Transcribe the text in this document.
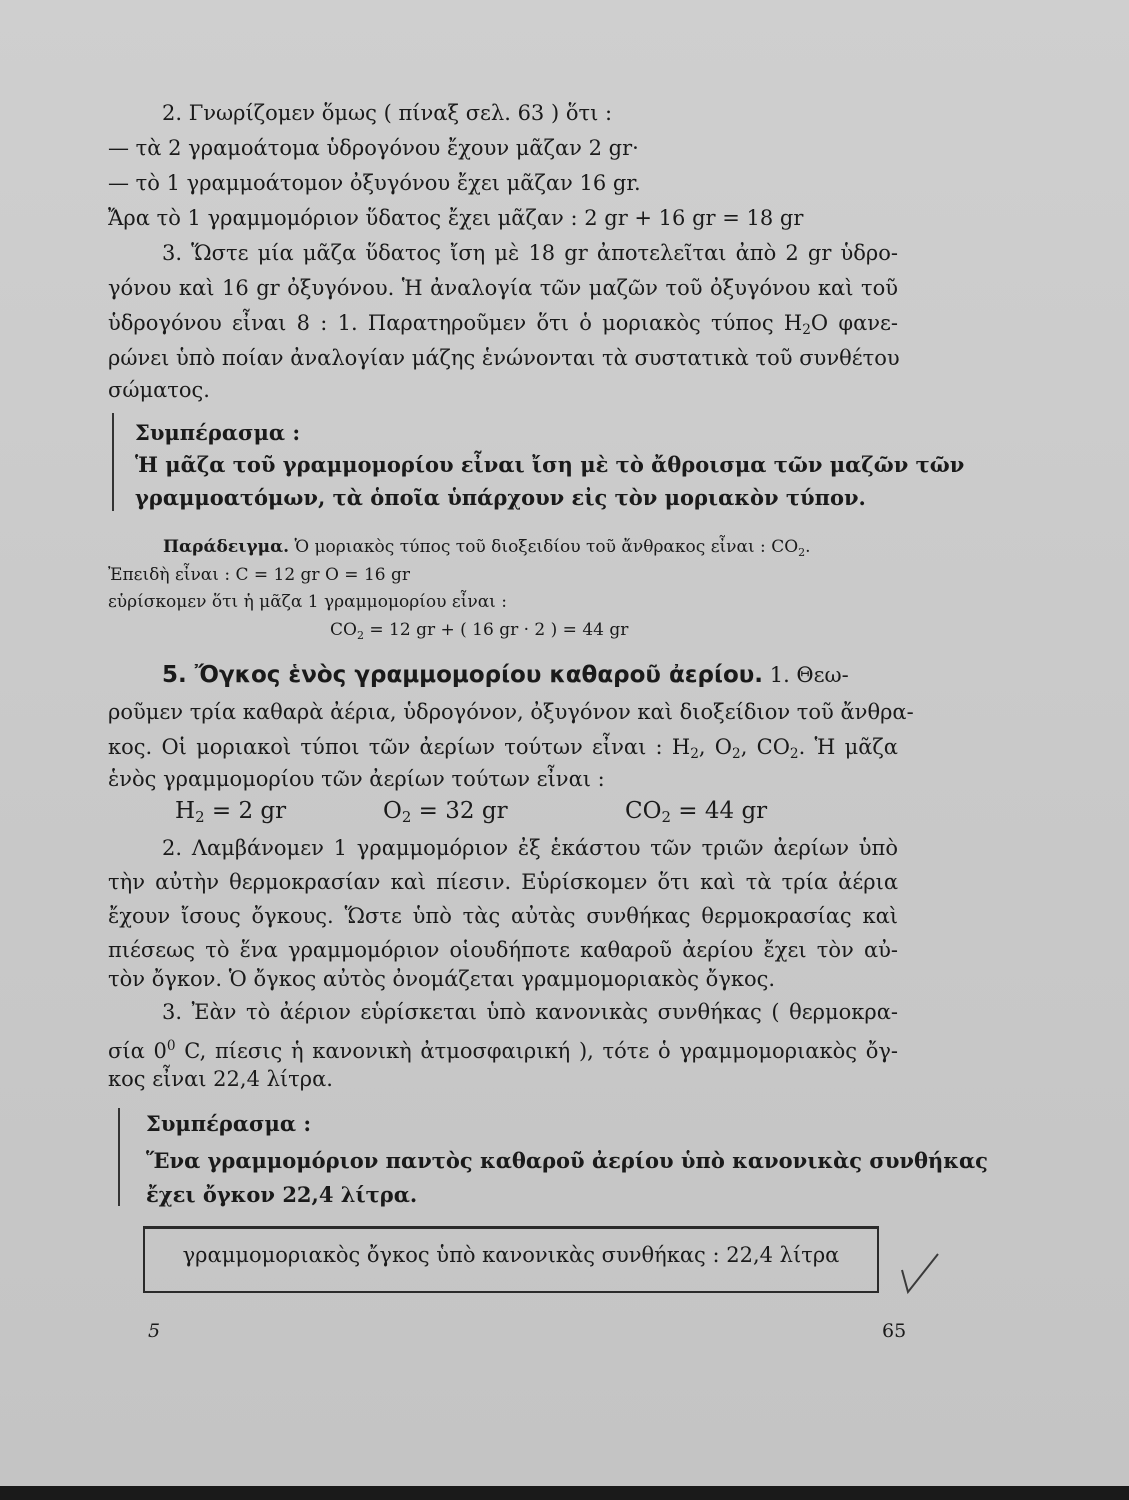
2. Γνωρίζομεν ὅμως ( πίναξ σελ. 63 ) ὅτι :
— τὰ 2 γραμοάτομα ὑδρογόνου ἔχουν μᾶζαν 2 gr·
— τὸ 1 γραμμοάτομον ὀξυγόνου ἔχει μᾶζαν 16 gr.
Ἄρα τὸ 1 γραμμομόριον ὕδατος ἔχει μᾶζαν : 2 gr + 16 gr = 18 gr
3. Ὥστε μία μᾶζα ὕδατος ἴση μὲ 18 gr ἀποτελεῖται ἀπὸ 2 gr ὑδρο-
γόνου καὶ 16 gr ὀξυγόνου. Ἡ ἀναλογία τῶν μαζῶν τοῦ ὀξυγόνου καὶ τοῦ
ὑδρογόνου εἶναι 8 : 1. Παρατηροῦμεν ὅτι ὁ μοριακὸς τύπος $H_2O$ φανε-
ρώνει ὑπὸ ποίαν ἀναλογίαν μάζης ἑνώνονται τὰ συστατικὰ τοῦ συνθέτου
σώματος.
Συμπέρασμα :
Ἡ μᾶζα τοῦ γραμμομορίου εἶναι ἴση μὲ τὸ ἄθροισμα τῶν μαζῶν τῶν
γραμμοατόμων, τὰ ὁποῖα ὑπάρχουν εἰς τὸν μοριακὸν τύπον.
Παράδειγμα. Ὁ μοριακὸς τύπος τοῦ διοξειδίου τοῦ ἄνθρακος εἶναι : $CO_2$.
Ἐπειδὴ εἶναι : C = 12 gr O = 16 gr
εὑρίσκομεν ὅτι ἡ μᾶζα 1 γραμμομορίου εἶναι :
$CO_2 = 12$ gr + ( 16 gr · 2 ) = 44 gr
5. Ὄγκος ἑνὸς γραμμομορίου καθαροῦ ἀερίου. 1. Θεω-
ροῦμεν τρία καθαρὰ ἀέρια, ὑδρογόνον, ὀξυγόνον καὶ διοξείδιον τοῦ ἄνθρα-
κος. Οἱ μοριακοὶ τύποι τῶν ἀερίων τούτων εἶναι : $H_2$, $O_2$, $CO_2$. Ἡ μᾶζα
ἑνὸς γραμμομορίου τῶν ἀερίων τούτων εἶναι :
$H_2 = 2$ gr	$O_2 = 32$ gr	$CO_2 = 44$ gr
2. Λαμβάνομεν 1 γραμμομόριον ἐξ ἑκάστου τῶν τριῶν ἀερίων ὑπὸ
τὴν αὐτὴν θερμοκρασίαν καὶ πίεσιν. Εὑρίσκομεν ὅτι καὶ τὰ τρία ἀέρια
ἔχουν ἴσους ὄγκους. Ὥστε ὑπὸ τὰς αὐτὰς συνθήκας θερμοκρασίας καὶ
πιέσεως τὸ ἕνα γραμμομόριον οἱουδήποτε καθαροῦ ἀερίου ἔχει τὸν αὐ-
τὸν ὄγκον. Ὁ ὄγκος αὐτὸς ὀνομάζεται γραμμομοριακὸς ὄγκος.
3. Ἐὰν τὸ ἀέριον εὑρίσκεται ὑπὸ κανονικὰς συνθήκας ( θερμοκρα-
σία $0^0$ C, πίεσις ἡ κανονικὴ ἀτμοσφαιρική ), τότε ὁ γραμμομοριακὸς ὄγ-
κος εἶναι 22,4 λίτρα.
Συμπέρασμα :
Ἕνα γραμμομόριον παντὸς καθαροῦ ἀερίου ὑπὸ κανονικὰς συνθήκας
ἔχει ὄγκον 22,4 λίτρα.
γραμμομοριακὸς ὄγκος ὑπὸ κανονικὰς συνθήκας : 22,4 λίτρα
5	65
